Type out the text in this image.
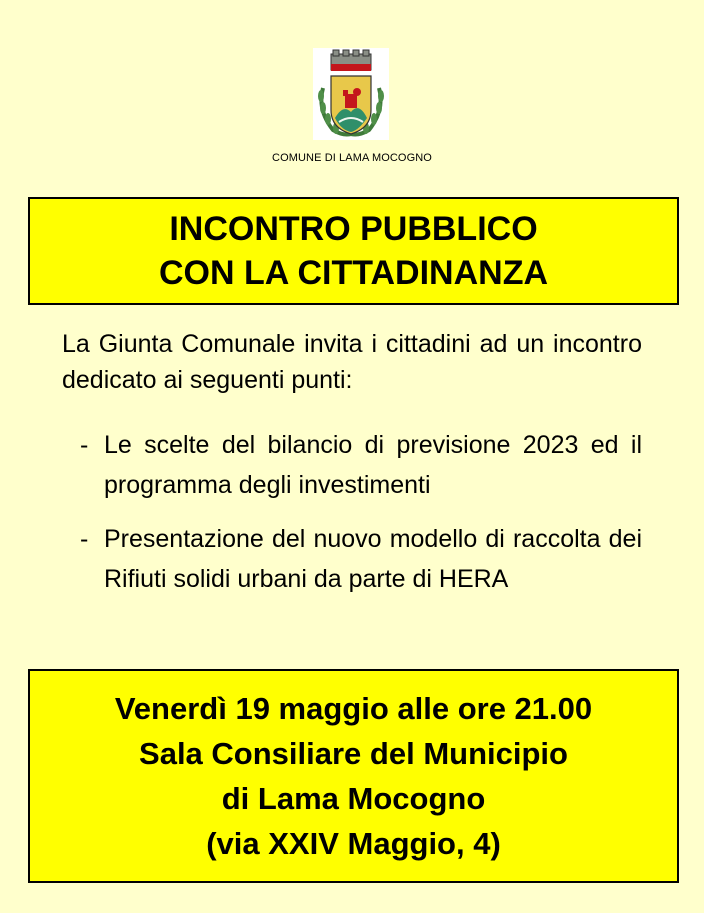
COMUNE DI LAMA MOCOGNO
INCONTRO PUBBLICO
CON LA CITTADINANZA
La Giunta Comunale invita i cittadini ad un incontro dedicato ai seguenti punti:
- Le scelte del bilancio di previsione 2023 ed il programma degli investimenti
- Presentazione del nuovo modello di raccolta dei Rifiuti solidi urbani da parte di HERA
Venerdì 19 maggio alle ore 21.00
Sala Consiliare del Municipio
di Lama Mocogno
(via XXIV Maggio, 4)
